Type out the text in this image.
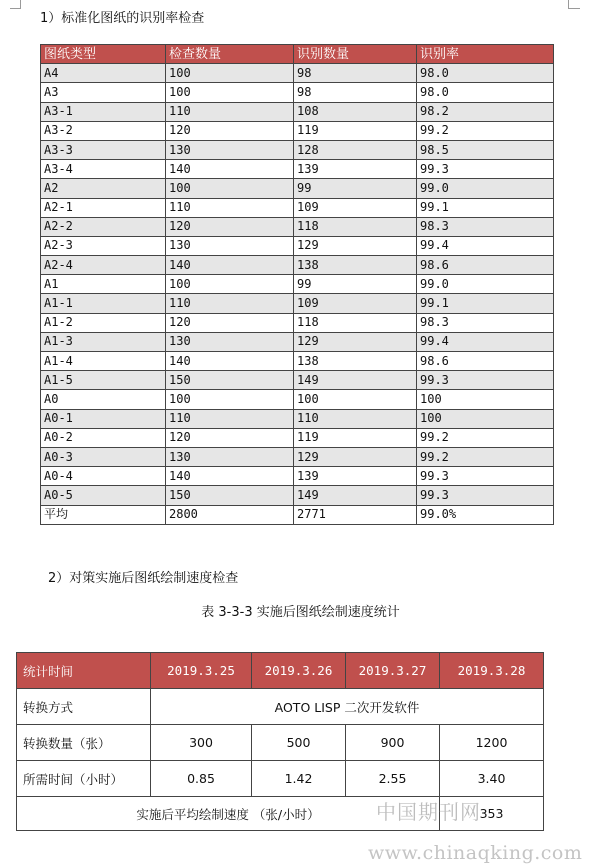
1）标准化图纸的识别率检查
图纸类型	检查数量	识别数量	识别率
A4	100	98	98.0
A3	100	98	98.0
A3-1	110	108	98.2
A3-2	120	119	99.2
A3-3	130	128	98.5
A3-4	140	139	99.3
A2	100	99	99.0
A2-1	110	109	99.1
A2-2	120	118	98.3
A2-3	130	129	99.4
A2-4	140	138	98.6
A1	100	99	99.0
A1-1	110	109	99.1
A1-2	120	118	98.3
A1-3	130	129	99.4
A1-4	140	138	98.6
A1-5	150	149	99.3
A0	100	100	100
A0-1	110	110	100
A0-2	120	119	99.2
A0-3	130	129	99.2
A0-4	140	139	99.3
A0-5	150	149	99.3
平均	2800	2771	99.0%
2）对策实施后图纸绘制速度检查
表 3-3-3 实施后图纸绘制速度统计
统计时间	2019.3.25	2019.3.26	2019.3.27	2019.3.28
转换方式	AOTO LISP 二次开发软件			
转换数量（张）	300	500	900	1200
所需时间（小时）	0.85	1.42	2.55	3.40
实施后平均绘制速度 （张/小时）				353
中国期刊网
www.chinaqking.com
